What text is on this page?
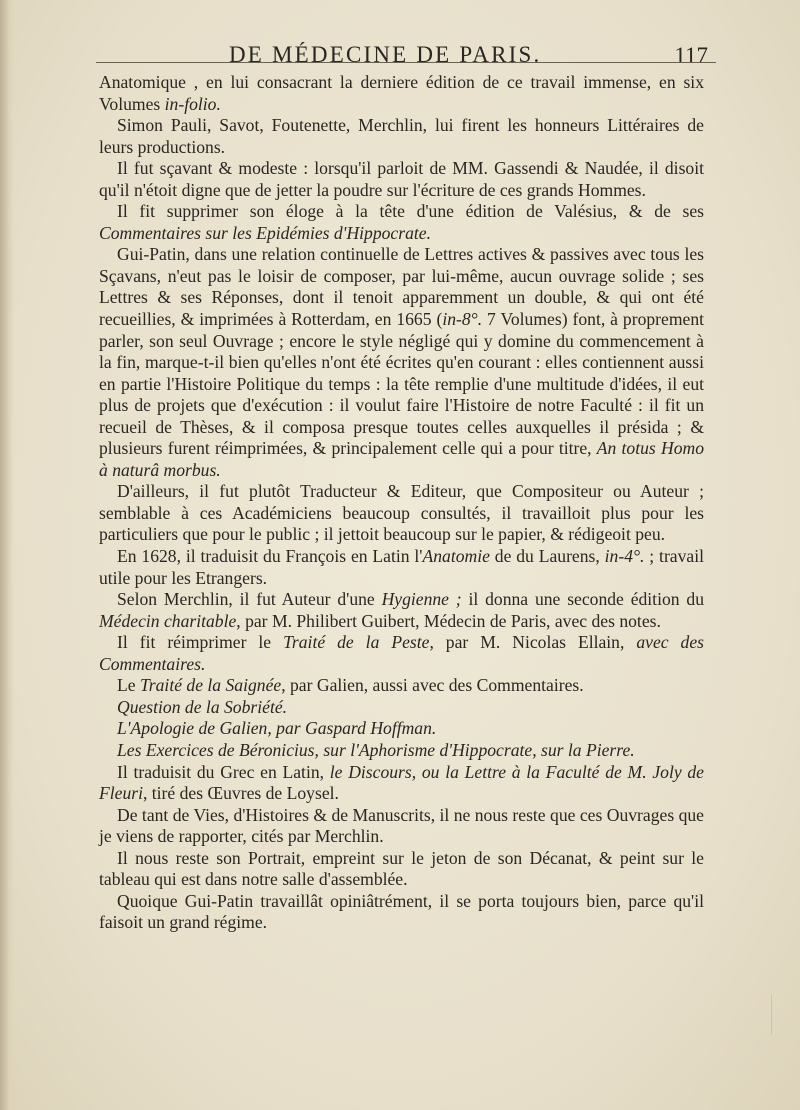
DE MÉDECINE DE PARIS.	117

Anatomique , en lui consacrant la derniere édition de ce travail immense, en six Volumes in-folio.

Simon Pauli, Savot, Foutenette, Merchlin, lui firent les honneurs Littéraires de leurs productions.

Il fut sçavant & modeste : lorsqu'il parloit de MM. Gassendi & Naudée, il disoit qu'il n'étoit digne que de jetter la poudre sur l'écriture de ces grands Hommes.

Il fit supprimer son éloge à la tête d'une édition de Valésius, & de ses Commentaires sur les Epidémies d'Hippocrate.

Gui-Patin, dans une relation continuelle de Lettres actives & passives avec tous les Sçavans, n'eut pas le loisir de composer, par lui-même, aucun ouvrage solide ; ses Lettres & ses Réponses, dont il tenoit apparemment un double, & qui ont été recueillies, & imprimées à Rotterdam, en 1665 (in-8°. 7 Volumes) font, à proprement parler, son seul Ouvrage ; encore le style négligé qui y domine du commencement à la fin, marque-t-il bien qu'elles n'ont été écrites qu'en courant : elles contiennent aussi en partie l'Histoire Politique du temps : la tête remplie d'une multitude d'idées, il eut plus de projets que d'exécution : il voulut faire l'Histoire de notre Faculté : il fit un recueil de Thèses, & il composa presque toutes celles auxquelles il présida ; & plusieurs furent réimprimées, & principalement celle qui a pour titre, An totus Homo à naturâ morbus.

D'ailleurs, il fut plutôt Traducteur & Editeur, que Compositeur ou Auteur ; semblable à ces Académiciens beaucoup consultés, il travailloit plus pour les particuliers que pour le public ; il jettoit beaucoup sur le papier, & rédigeoit peu.

En 1628, il traduisit du François en Latin l'Anatomie de du Laurens, in-4°. ; travail utile pour les Etrangers.

Selon Merchlin, il fut Auteur d'une Hygienne ; il donna une seconde édition du Médecin charitable, par M. Philibert Guibert, Médecin de Paris, avec des notes.

Il fit réimprimer le Traité de la Peste, par M. Nicolas Ellain, avec des Commentaires.

Le Traité de la Saignée, par Galien, aussi avec des Commentaires.

Question de la Sobriété.

L'Apologie de Galien, par Gaspard Hoffman.

Les Exercices de Béronicius, sur l'Aphorisme d'Hippocrate, sur la Pierre.

Il traduisit du Grec en Latin, le Discours, ou la Lettre à la Faculté de M. Joly de Fleuri, tiré des Œuvres de Loysel.

De tant de Vies, d'Histoires & de Manuscrits, il ne nous reste que ces Ouvrages que je viens de rapporter, cités par Merchlin.

Il nous reste son Portrait, empreint sur le jeton de son Décanat, & peint sur le tableau qui est dans notre salle d'assemblée.

Quoique Gui-Patin travaillât opiniâtrément, il se porta toujours bien, parce qu'il faisoit un grand régime.
